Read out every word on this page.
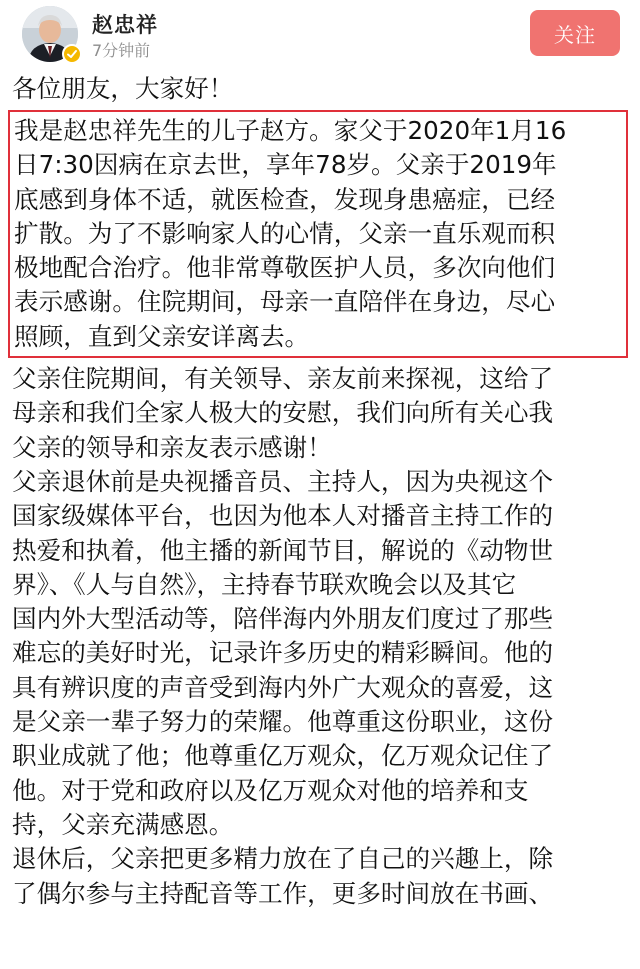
赵忠祥
7分钟前
关注

各位朋友，大家好！

我是赵忠祥先生的儿子赵方。家父于2020年1月16
日7:30因病在京去世，享年78岁。父亲于2019年
底感到身体不适，就医检查，发现身患癌症，已经
扩散。为了不影响家人的心情，父亲一直乐观而积
极地配合治疗。他非常尊敬医护人员，多次向他们
表示感谢。住院期间，母亲一直陪伴在身边，尽心
照顾，直到父亲安详离去。

父亲住院期间，有关领导、亲友前来探视，这给了
母亲和我们全家人极大的安慰，我们向所有关心我
父亲的领导和亲友表示感谢！

父亲退休前是央视播音员、主持人，因为央视这个
国家级媒体平台，也因为他本人对播音主持工作的
热爱和执着，他主播的新闻节目，解说的《动物世
界》、《人与自然》，主持春节联欢晚会以及其它
国内外大型活动等，陪伴海内外朋友们度过了那些
难忘的美好时光，记录许多历史的精彩瞬间。他的
具有辨识度的声音受到海内外广大观众的喜爱，这
是父亲一辈子努力的荣耀。他尊重这份职业，这份
职业成就了他；他尊重亿万观众，亿万观众记住了
他。对于党和政府以及亿万观众对他的培养和支
持，父亲充满感恩。

退休后，父亲把更多精力放在了自己的兴趣上，除
了偶尔参与主持配音等工作，更多时间放在书画、
